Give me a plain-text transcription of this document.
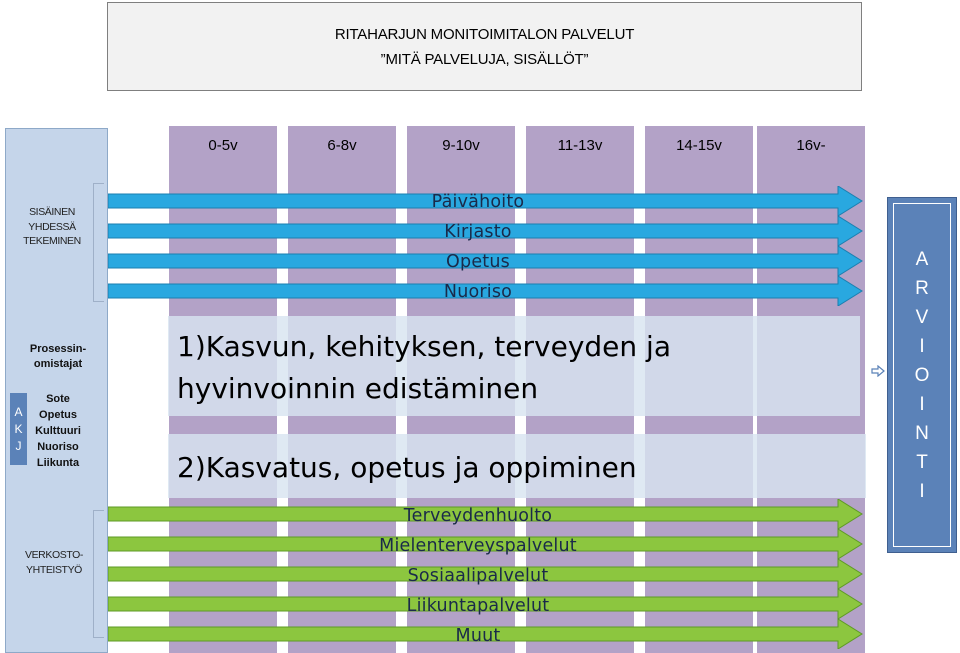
RITAHARJUN MONITOIMITALON PALVELUT
”MITÄ PALVELUJA, SISÄLLÖT”
SISÄINEN
YHDESSÄ
TEKEMINEN
Prosessin-
omistajat
A
K
J
Sote
Opetus
Kulttuuri
Nuoriso
Liikunta
VERKOSTO-
YHTEISTYÖ
0-5v	6-8v	9-10v	11-13v	14-15v	16v-
Päivähoito
Kirjasto
Opetus
Nuoriso
1)Kasvun, kehityksen, terveyden ja
hyvinvoinnin edistäminen
2)Kasvatus, opetus ja oppiminen
Terveydenhuolto
Mielenterveyspalvelut
Sosiaalipalvelut
Liikuntapalvelut
Muut
A
R
V
I
O
I
N
T
I
